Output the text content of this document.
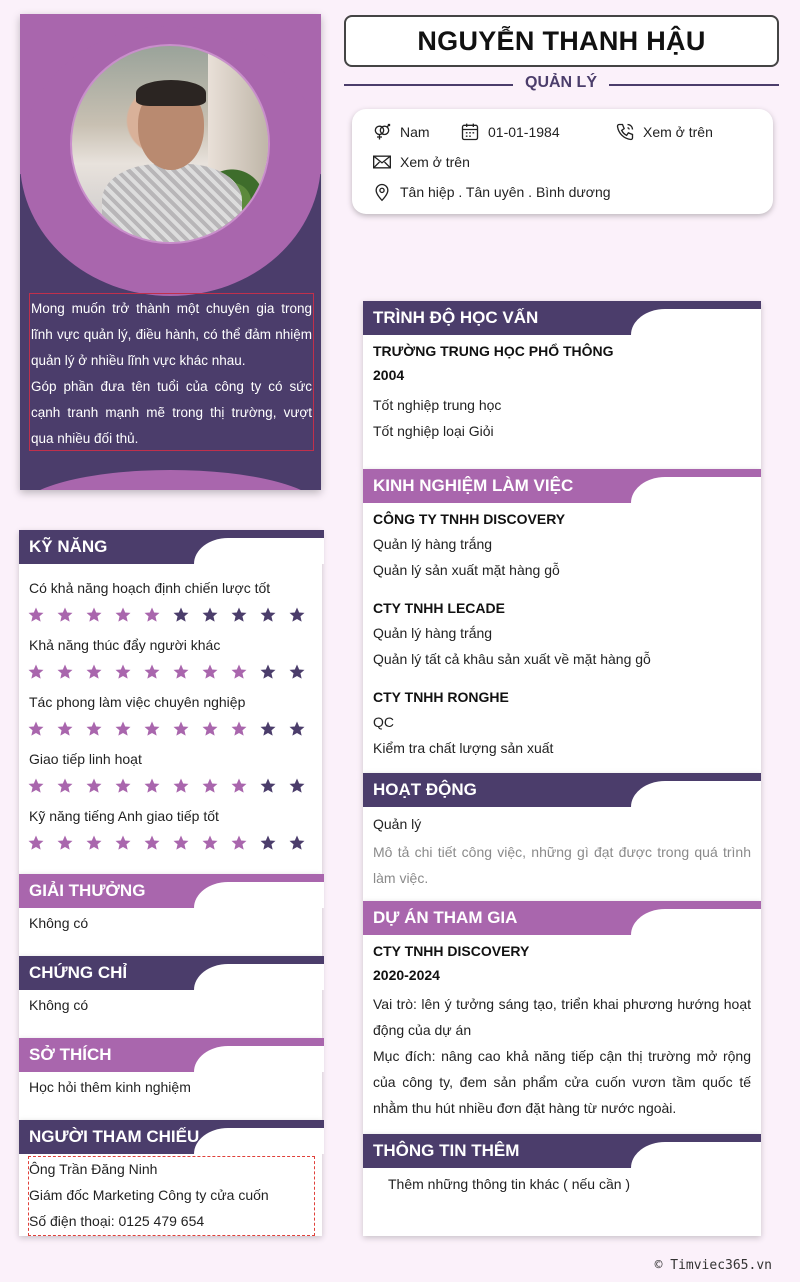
Mong muốn trở thành một chuyên gia trong lĩnh vực quản lý, điều hành, có thể đảm nhiệm quản lý ở nhiều lĩnh vực khác nhau.

Góp phần đưa tên tuổi của công ty có sức cạnh tranh mạnh mẽ trong thị trường, vượt qua nhiều đối thủ.

NGUYỄN THANH HẬU
QUẢN LÝ
Nam	01-01-1984	Xem ở trên
Xem ở trên
Tân hiệp . Tân uyên . Bình dương
KỸ NĂNG
Có khả năng hoạch định chiến lược tốt
Khả năng thúc đẩy người khác
Tác phong làm việc chuyên nghiệp
Giao tiếp linh hoạt
Kỹ năng tiếng Anh giao tiếp tốt
GIẢI THƯỞNG
Không có
CHỨNG CHỈ
Không có
SỞ THÍCH
Học hỏi thêm kinh nghiệm
NGƯỜI THAM CHIẾU
Ông Trần Đăng Ninh
Giám đốc Marketing Công ty cửa cuốn
Số điện thoại: 0125 479 654
TRÌNH ĐỘ HỌC VẤN
TRƯỜNG TRUNG HỌC PHỔ THÔNG
2004
Tốt nghiệp trung học
Tốt nghiệp loại Giỏi
KINH NGHIỆM LÀM VIỆC
CÔNG TY TNHH DISCOVERY
Quản lý hàng trắng
Quản lý sản xuất mặt hàng gỗ
CTY TNHH LECADE
Quản lý hàng trắng
Quản lý tất cả khâu sản xuất về mặt hàng gỗ
CTY TNHH RONGHE
QC
Kiểm tra chất lượng sản xuất
HOẠT ĐỘNG
Quản lý
Mô tả chi tiết công việc, những gì đạt được trong quá trình làm việc.
DỰ ÁN THAM GIA
CTY TNHH DISCOVERY
2020-2024
Vai trò: lên ý tưởng sáng tạo, triển khai phương hướng hoạt động của dự án
Mục đích: nâng cao khả năng tiếp cận thị trường mở rộng của công ty, đem sản phẩm cửa cuốn vươn tầm quốc tế nhằm thu hút nhiều đơn đặt hàng từ nước ngoài.
THÔNG TIN THÊM
Thêm những thông tin khác ( nếu cần )
© Timviec365.vn
